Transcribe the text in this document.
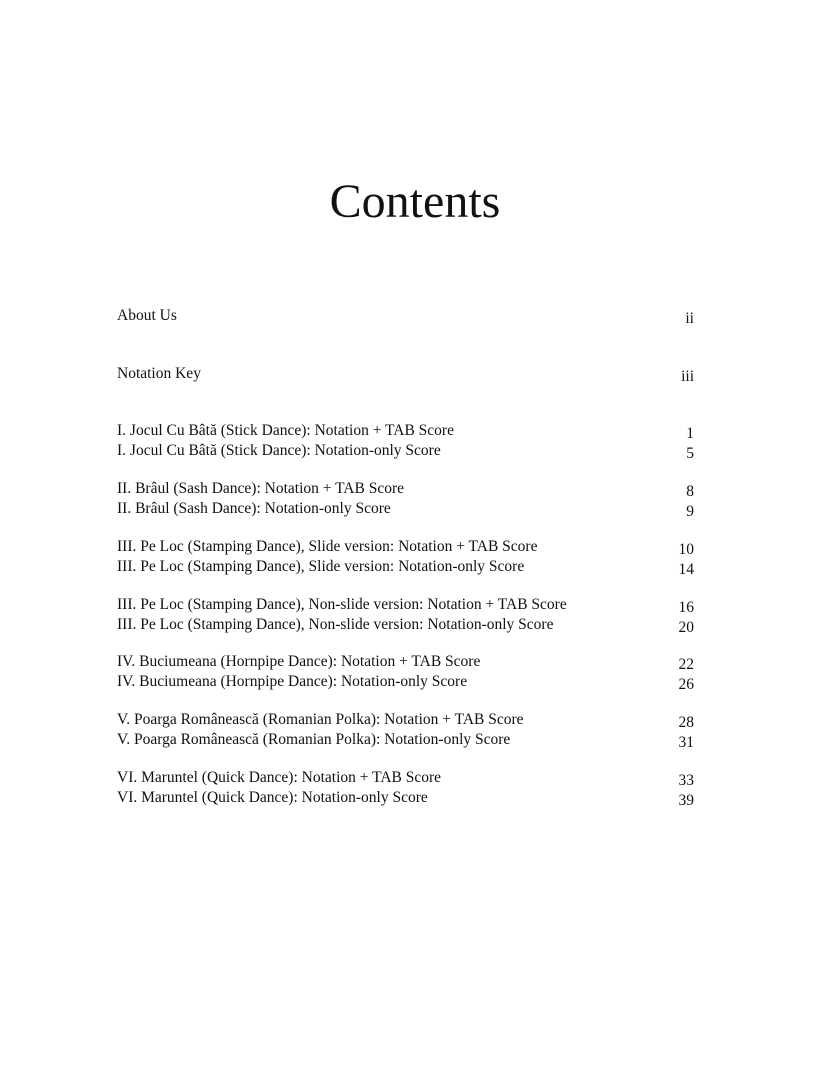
Contents
About Us	ii
Notation Key	iii
I. Jocul Cu Bâtă (Stick Dance): Notation + TAB Score	1
I. Jocul Cu Bâtă (Stick Dance): Notation-only Score	5
II. Brâul (Sash Dance): Notation + TAB Score	8
II. Brâul (Sash Dance): Notation-only Score	9
III. Pe Loc (Stamping Dance), Slide version: Notation + TAB Score	10
III. Pe Loc (Stamping Dance), Slide version: Notation-only Score	14
III. Pe Loc (Stamping Dance), Non-slide version: Notation + TAB Score	16
III. Pe Loc (Stamping Dance), Non-slide version: Notation-only Score	20
IV. Buciumeana (Hornpipe Dance): Notation + TAB Score	22
IV. Buciumeana (Hornpipe Dance): Notation-only Score	26
V. Poarga Românească (Romanian Polka): Notation + TAB Score	28
V. Poarga Românească (Romanian Polka): Notation-only Score	31
VI. Maruntel (Quick Dance): Notation + TAB Score	33
VI. Maruntel (Quick Dance): Notation-only Score	39
